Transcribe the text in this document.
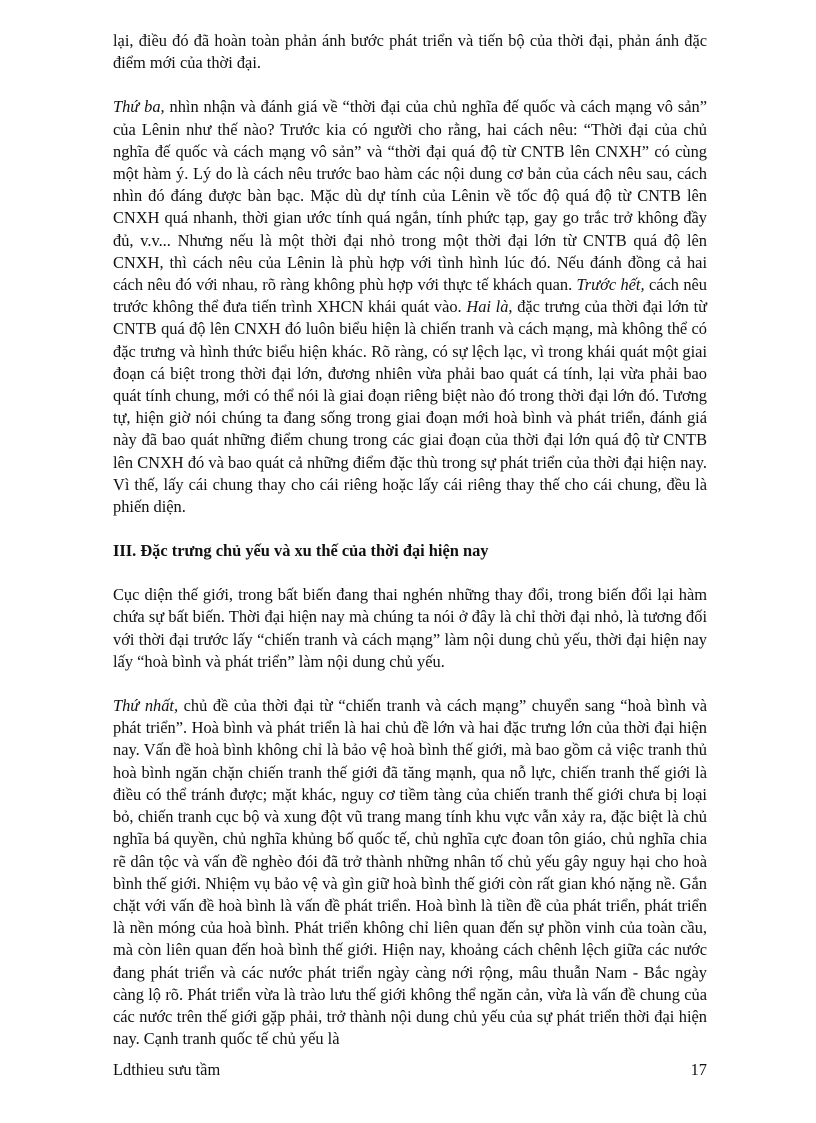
lại, điều đó đã hoàn toàn phản ánh bước phát triển và tiến bộ của thời đại, phản ánh đặc điểm mới của thời đại.

Thứ ba, nhìn nhận và đánh giá về “thời đại của chủ nghĩa đế quốc và cách mạng vô sản” của Lênin như thế nào? Trước kia có người cho rằng, hai cách nêu: “Thời đại của chủ nghĩa đế quốc và cách mạng vô sản” và “thời đại quá độ từ CNTB lên CNXH” có cùng một hàm ý. Lý do là cách nêu trước bao hàm các nội dung cơ bản của cách nêu sau, cách nhìn đó đáng được bàn bạc. Mặc dù dự tính của Lênin về tốc độ quá độ từ CNTB lên CNXH quá nhanh, thời gian ước tính quá ngắn, tính phức tạp, gay go trắc trở không đầy đủ, v.v... Nhưng nếu là một thời đại nhỏ trong một thời đại lớn từ CNTB quá độ lên CNXH, thì cách nêu của Lênin là phù hợp với tình hình lúc đó. Nếu đánh đồng cả hai cách nêu đó với nhau, rõ ràng không phù hợp với thực tế khách quan. Trước hết, cách nêu trước không thể đưa tiến trình XHCN khái quát vào. Hai là, đặc trưng của thời đại lớn từ CNTB quá độ lên CNXH đó luôn biểu hiện là chiến tranh và cách mạng, mà không thể có đặc trưng và hình thức biểu hiện khác. Rõ ràng, có sự lệch lạc, vì trong khái quát một giai đoạn cá biệt trong thời đại lớn, đương nhiên vừa phải bao quát cá tính, lại vừa phải bao quát tính chung, mới có thể nói là giai đoạn riêng biệt nào đó trong thời đại lớn đó. Tương tự, hiện giờ nói chúng ta đang sống trong giai đoạn mới hoà bình và phát triển, đánh giá này đã bao quát những điểm chung trong các giai đoạn của thời đại lớn quá độ từ CNTB lên CNXH đó và bao quát cả những điểm đặc thù trong sự phát triển của thời đại hiện nay. Vì thế, lấy cái chung thay cho cái riêng hoặc lấy cái riêng thay thế cho cái chung, đều là phiến diện.

III. Đặc trưng chủ yếu và xu thế của thời đại hiện nay

Cục diện thế giới, trong bất biến đang thai nghén những thay đổi, trong biến đổi lại hàm chứa sự bất biến. Thời đại hiện nay mà chúng ta nói ở đây là chỉ thời đại nhỏ, là tương đối với thời đại trước lấy “chiến tranh và cách mạng” làm nội dung chủ yếu, thời đại hiện nay lấy “hoà bình và phát triển” làm nội dung chủ yếu.

Thứ nhất, chủ đề của thời đại từ “chiến tranh và cách mạng” chuyển sang “hoà bình và phát triển”. Hoà bình và phát triển là hai chủ đề lớn và hai đặc trưng lớn của thời đại hiện nay. Vấn đề hoà bình không chỉ là bảo vệ hoà bình thế giới, mà bao gồm cả việc tranh thủ hoà bình ngăn chặn chiến tranh thế giới đã tăng mạnh, qua nỗ lực, chiến tranh thế giới là điều có thể tránh được; mặt khác, nguy cơ tiềm tàng của chiến tranh thế giới chưa bị loại bỏ, chiến tranh cục bộ và xung đột vũ trang mang tính khu vực vẫn xảy ra, đặc biệt là chủ nghĩa bá quyền, chủ nghĩa khủng bố quốc tế, chủ nghĩa cực đoan tôn giáo, chủ nghĩa chia rẽ dân tộc và vấn đề nghèo đói đã trở thành những nhân tố chủ yếu gây nguy hại cho hoà bình thế giới. Nhiệm vụ bảo vệ và gìn giữ hoà bình thế giới còn rất gian khó nặng nề. Gắn chặt với vấn đề hoà bình là vấn đề phát triển. Hoà bình là tiền đề của phát triển, phát triển là nền móng của hoà bình. Phát triển không chỉ liên quan đến sự phồn vinh của toàn cầu, mà còn liên quan đến hoà bình thế giới. Hiện nay, khoảng cách chênh lệch giữa các nước đang phát triển và các nước phát triển ngày càng nới rộng, mâu thuẫn Nam - Bắc ngày càng lộ rõ. Phát triển vừa là trào lưu thế giới không thể ngăn cản, vừa là vấn đề chung của các nước trên thế giới gặp phải, trở thành nội dung chủ yếu của sự phát triển thời đại hiện nay. Cạnh tranh quốc tế chủ yếu là

Ldthieu sưu tầm	17
